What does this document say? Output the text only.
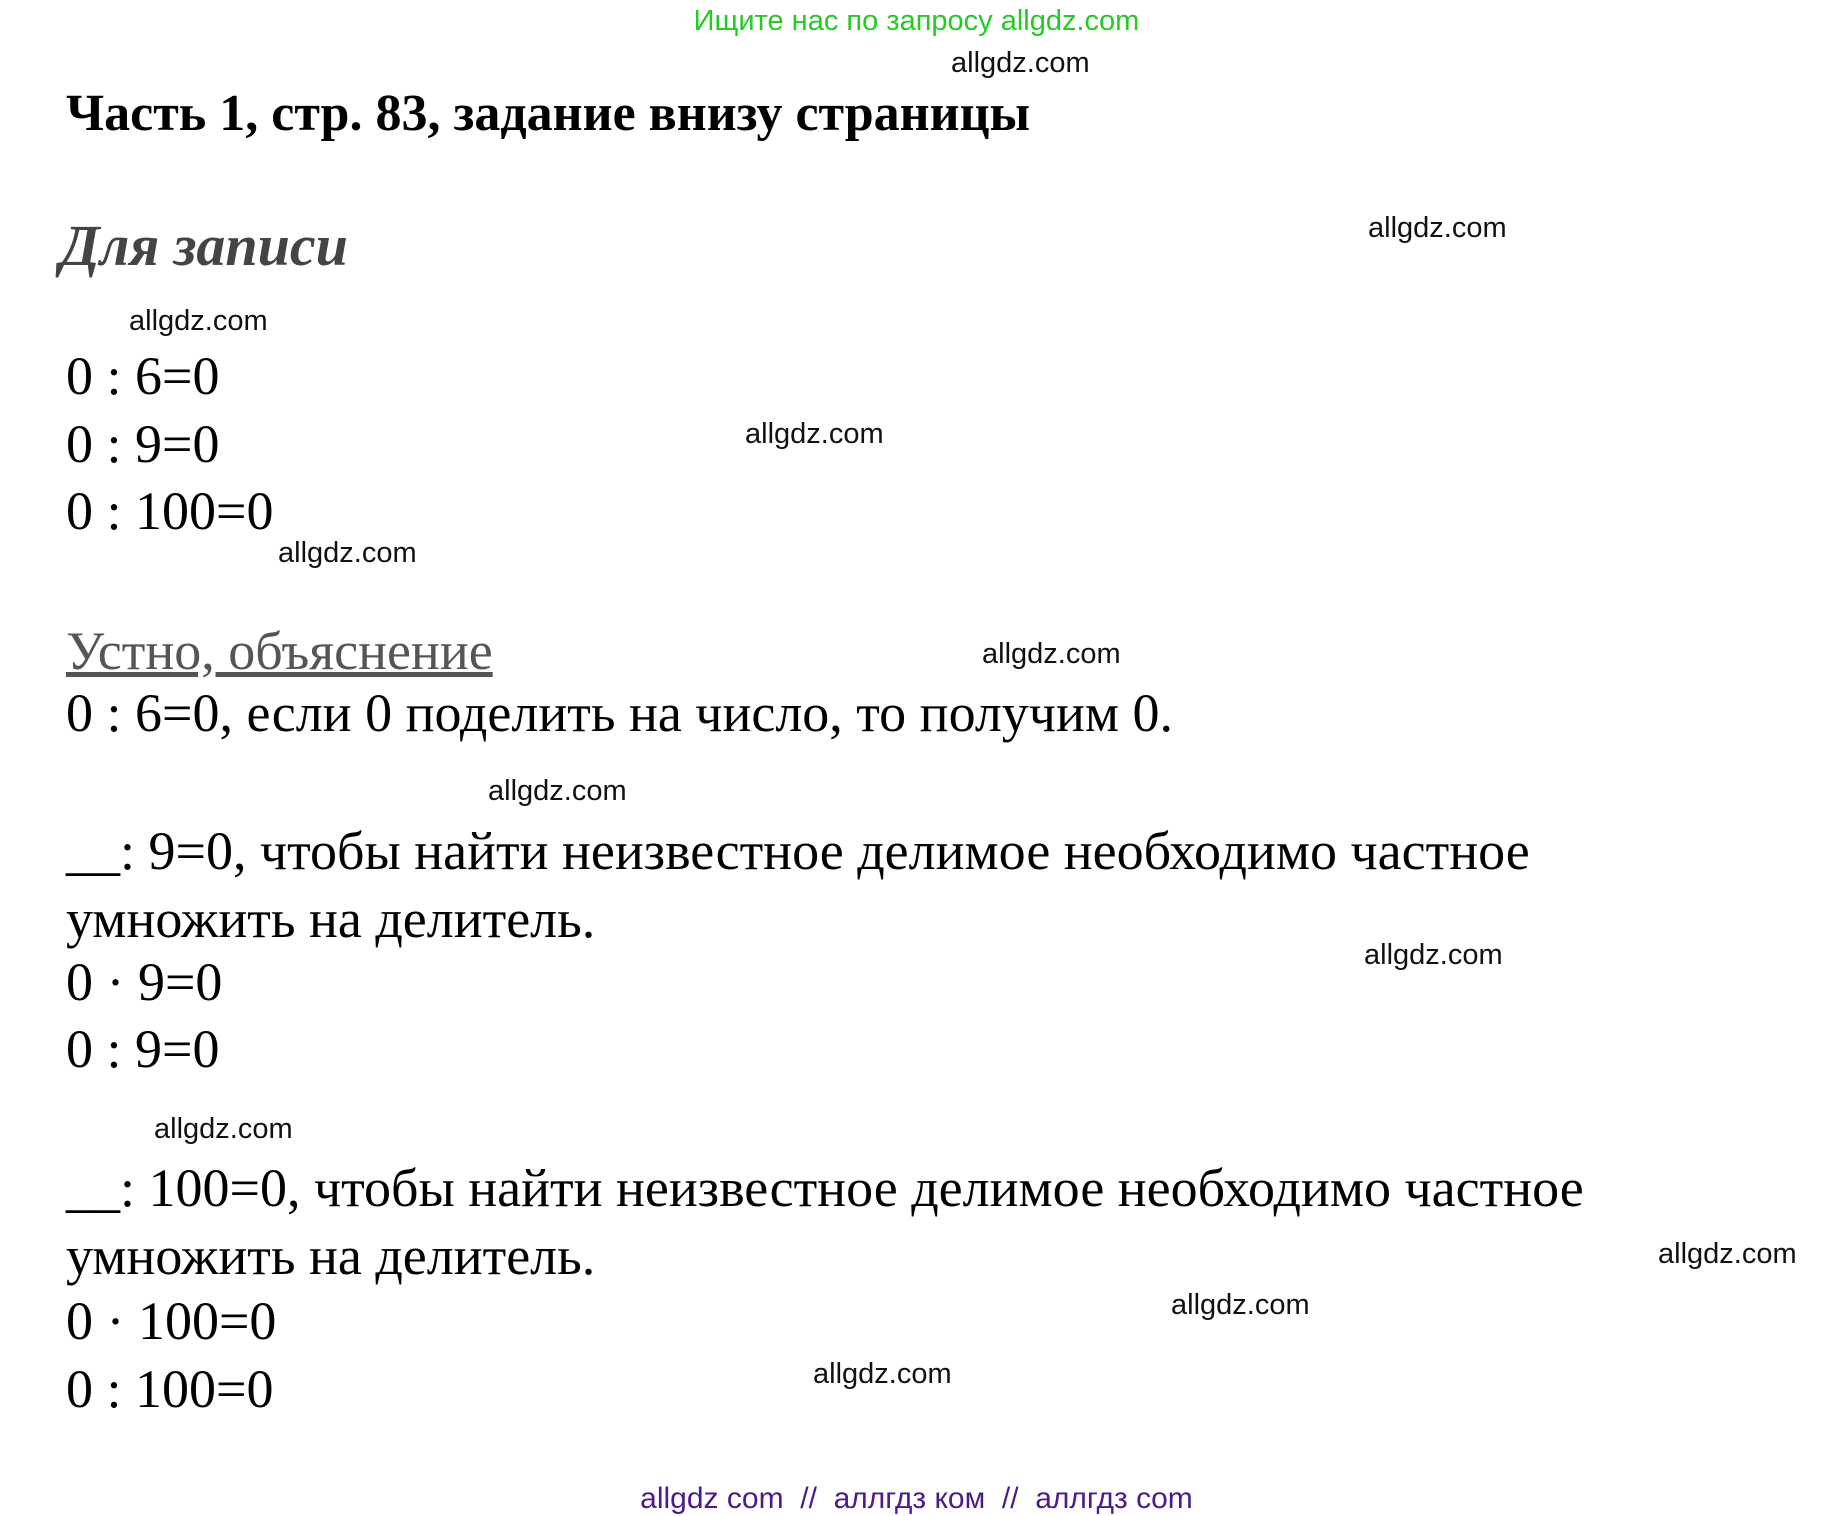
Ищите нас по запросу allgdz.com
Часть 1, стр. 83, задание внизу страницы
Для записи
0 : 6=0
0 : 9=0
0 : 100=0
Устно, объяснение
0 : 6=0, если 0 поделить на число, то получим 0.
__: 9=0, чтобы найти неизвестное делимое необходимо частное
умножить на делитель.
0 · 9=0
0 : 9=0
__: 100=0, чтобы найти неизвестное делимое необходимо частное
умножить на делитель.
0 · 100=0
0 : 100=0
allgdz.com
allgdz.com
allgdz.com
allgdz.com
allgdz.com
allgdz.com
allgdz.com
allgdz.com
allgdz.com
allgdz.com
allgdz.com
allgdz.com
allgdz com  //  аллгдз ком  //  аллгдз com
